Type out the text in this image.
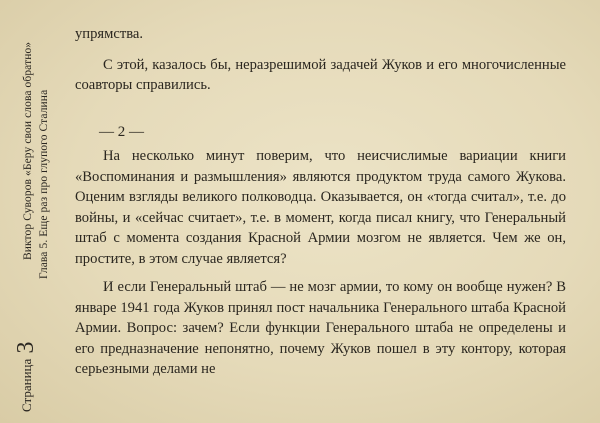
Страница 3
Виктор Суворов «Беру свои слова обратно» Глава 5. Еще раз про глупого Сталина

упрямства.

С этой, казалось бы, неразрешимой задачей Жуков и его многочисленные соавторы справились.

— 2 —

На несколько минут поверим, что неисчислимые вариации книги «Воспоминания и размышления» являются продуктом труда самого Жукова. Оценим взгляды великого полководца. Оказывается, он «тогда считал», т.е. до войны, и «сейчас считает», т.е. в момент, когда писал книгу, что Генеральный штаб с момента создания Красной Армии мозгом не является. Чем же он, простите, в этом случае является?

И если Генеральный штаб — не мозг армии, то кому он вообще нужен? В январе 1941 года Жуков принял пост начальника Генерального штаба Красной Армии. Вопрос: зачем? Если функции Генерального штаба не определены и его предназначение непонятно, почему Жуков пошел в эту контору, которая серьезными делами не
